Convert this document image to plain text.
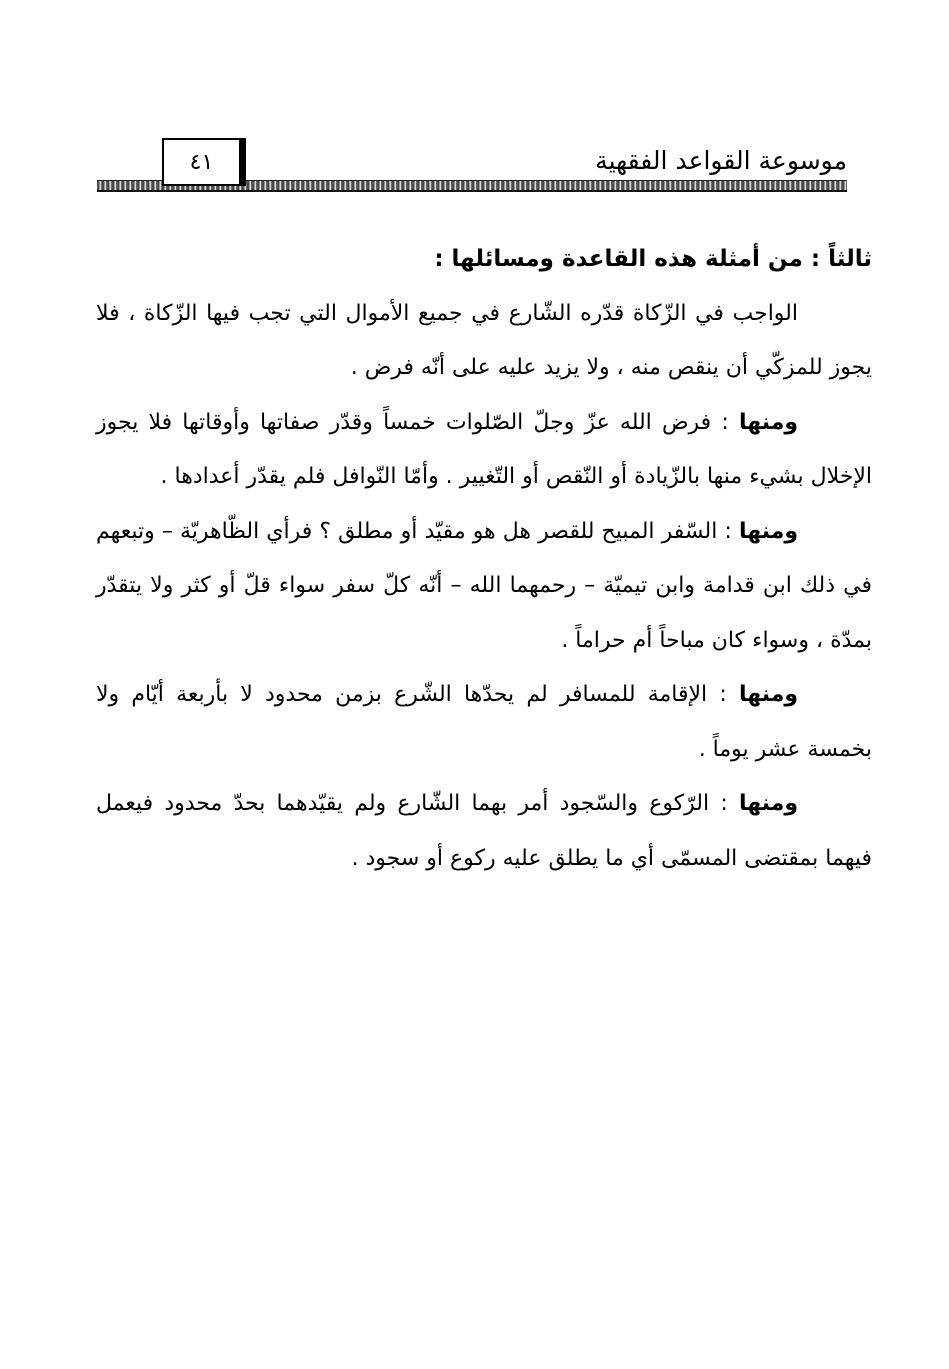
موسوعة القواعد الفقهية
٤١

ثالثاً : من أمثلة هذه القاعدة ومسائلها :

الواجب في الزّكاة قدّره الشّارع في جميع الأموال التي تجب فيها الزّكاة ، فلا يجوز للمزكّي أن ينقص منه ، ولا يزيد عليه على أنّه فرض .

ومنها : فرض الله عزّ وجلّ الصّلوات خمساً وقدّر صفاتها وأوقاتها فلا يجوز الإخلال بشيء منها بالزّيادة أو النّقص أو التّغيير . وأمّا النّوافل فلم يقدّر أعدادها .

ومنها : السّفر المبيح للقصر هل هو مقيّد أو مطلق ؟ فرأي الظّاهريّة – وتبعهم في ذلك ابن قدامة وابن تيميّة – رحمهما الله – أنّه كلّ سفر سواء قلّ أو كثر ولا يتقدّر بمدّة ، وسواء كان مباحاً أم حراماً .

ومنها : الإقامة للمسافر لم يحدّها الشّرع بزمن محدود لا بأربعة أيّام ولا بخمسة عشر يوماً .

ومنها : الرّكوع والسّجود أمر بهما الشّارع ولم يقيّدهما بحدّ محدود فيعمل فيهما بمقتضى المسمّى أي ما يطلق عليه ركوع أو سجود .
